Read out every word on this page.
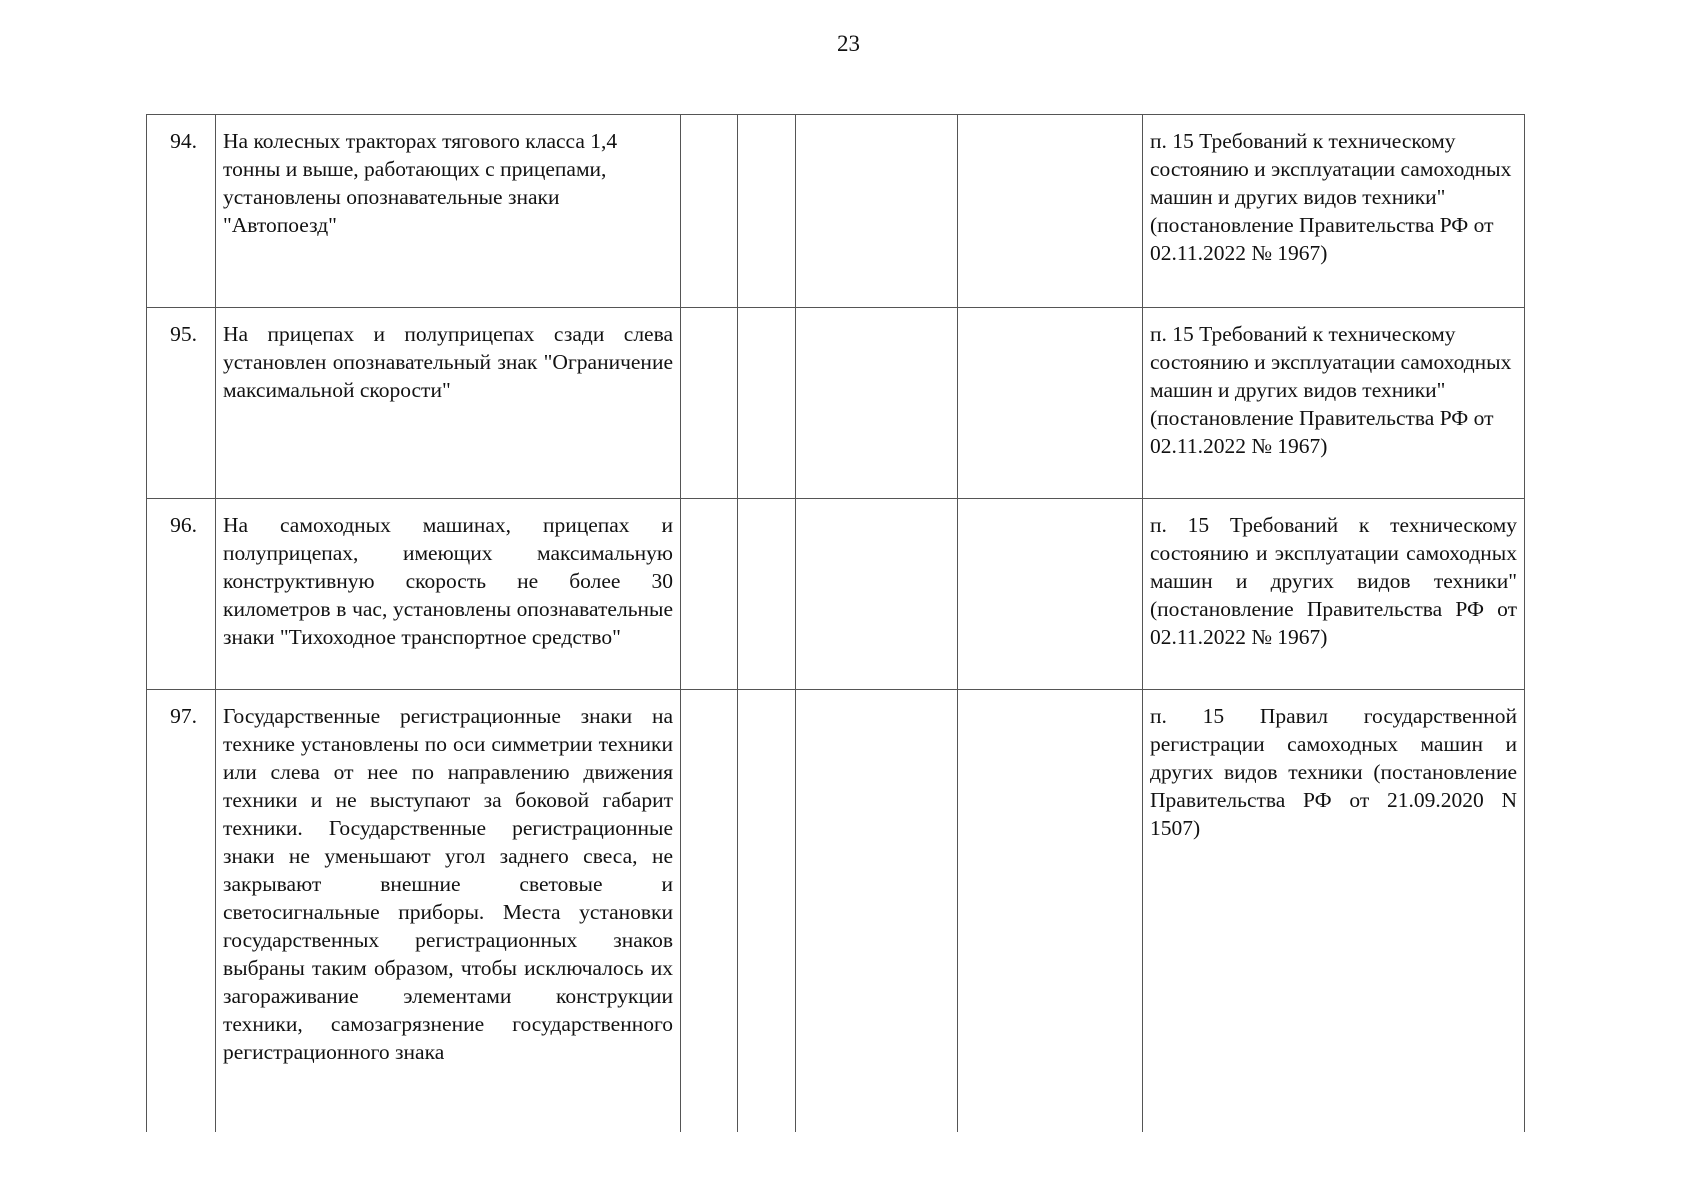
23
94.	На колесных тракторах тягового класса 1,4 тонны и выше, работающих с прицепами, установлены опознавательные знаки "Автопоезд"					п. 15 Требований к техническому состоянию и эксплуатации самоходных машин и других видов техники" (постановление Правительства РФ от 02.11.2022 № 1967)

95.	На прицепах и полуприцепах сзади слева установлен опознавательный знак "Ограничение максимальной скорости"					п. 15 Требований к техническому состоянию и эксплуатации самоходных машин и других видов техники" (постановление Правительства РФ от 02.11.2022 № 1967)

96.	На самоходных машинах, прицепах и полуприцепах, имеющих максимальную конструктивную скорость не более 30 километров в час, установлены опознавательные знаки "Тихоходное транспортное средство"					п. 15 Требований к техническому состоянию и эксплуатации самоходных машин и других видов техники" (постановление Правительства РФ от 02.11.2022 № 1967)

97.	Государственные регистрационные знаки на технике установлены по оси симметрии техники или слева от нее по направлению движения техники и не выступают за боковой габарит техники. Государственные регистрационные знаки не уменьшают угол заднего свеса, не закрывают внешние световые и светосигнальные приборы. Места установки государственных регистрационных знаков выбраны таким образом, чтобы исключалось их загораживание элементами конструкции техники, самозагрязнение государственного регистрационного знака					п. 15 Правил государственной регистрации самоходных машин и других видов техники (постановление Правительства РФ от 21.09.2020 N 1507)
